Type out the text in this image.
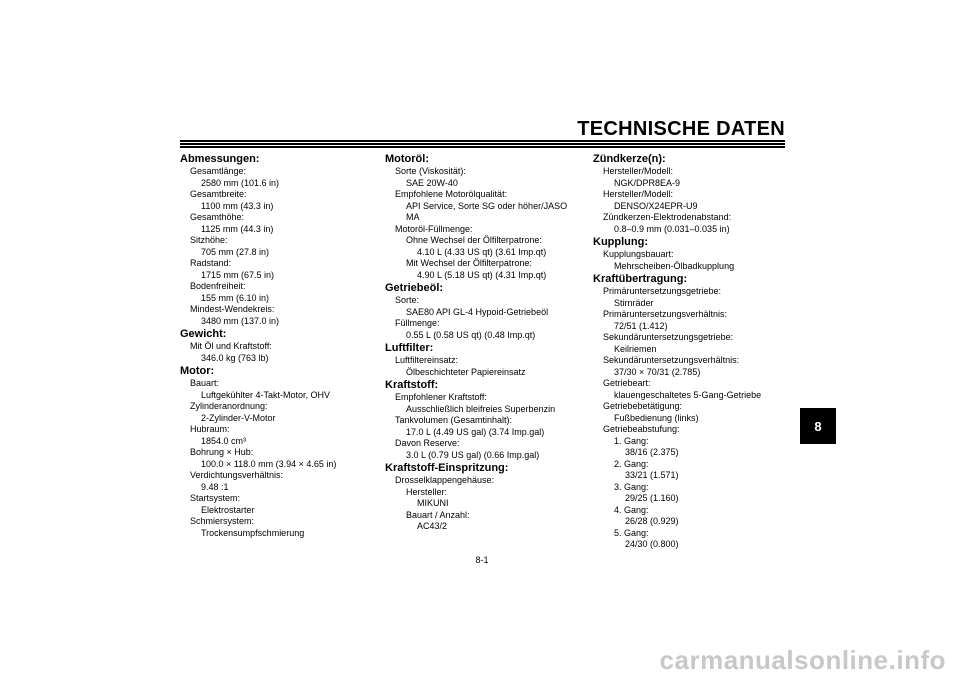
TECHNISCHE DATEN
Abmessungen:
Gesamtlänge:
2580 mm (101.6 in)
Gesamtbreite:
1100 mm (43.3 in)
Gesamthöhe:
1125 mm (44.3 in)
Sitzhöhe:
705 mm (27.8 in)
Radstand:
1715 mm (67.5 in)
Bodenfreiheit:
155 mm (6.10 in)
Mindest-Wendekreis:
3480 mm (137.0 in)
Gewicht:
Mit Öl und Kraftstoff:
346.0 kg (763 lb)
Motor:
Bauart:
Luftgekühlter 4-Takt-Motor, OHV
Zylinderanordnung:
2-Zylinder-V-Motor
Hubraum:
1854.0 cm³
Bohrung × Hub:
100.0 × 118.0 mm (3.94 × 4.65 in)
Verdichtungsverhältnis:
9.48 :1
Startsystem:
Elektrostarter
Schmiersystem:
Trockensumpfschmierung
Motoröl:
Sorte (Viskosität):
SAE 20W-40
Empfohlene Motorölqualität:
API Service, Sorte SG oder höher/JASO
MA
Motoröl-Füllmenge:
Ohne Wechsel der Ölfilterpatrone:
4.10 L (4.33 US qt) (3.61 Imp.qt)
Mit Wechsel der Ölfilterpatrone:
4.90 L (5.18 US qt) (4.31 Imp.qt)
Getriebeöl:
Sorte:
SAE80 API GL-4 Hypoid-Getriebeöl
Füllmenge:
0.55 L (0.58 US qt) (0.48 Imp.qt)
Luftfilter:
Luftfiltereinsatz:
Ölbeschichteter Papiereinsatz
Kraftstoff:
Empfohlener Kraftstoff:
Ausschließlich bleifreies Superbenzin
Tankvolumen (Gesamtinhalt):
17.0 L (4.49 US gal) (3.74 Imp.gal)
Davon Reserve:
3.0 L (0.79 US gal) (0.66 Imp.gal)
Kraftstoff-Einspritzung:
Drosselklappengehäuse:
Hersteller:
MIKUNI
Bauart / Anzahl:
AC43/2
Zündkerze(n):
Hersteller/Modell:
NGK/DPR8EA-9
Hersteller/Modell:
DENSO/X24EPR-U9
Zündkerzen-Elektrodenabstand:
0.8–0.9 mm (0.031–0.035 in)
Kupplung:
Kupplungsbauart:
Mehrscheiben-Ölbadkupplung
Kraftübertragung:
Primäruntersetzungsgetriebe:
Stirnräder
Primäruntersetzungsverhältnis:
72/51 (1.412)
Sekundäruntersetzungsgetriebe:
Keilriemen
Sekundäruntersetzungsverhältnis:
37/30 × 70/31 (2.785)
Getriebeart:
klauengeschaltetes 5-Gang-Getriebe
Getriebebetätigung:
Fußbedienung (links)
Getriebeabstufung:
1. Gang:
38/16 (2.375)
2. Gang:
33/21 (1.571)
3. Gang:
29/25 (1.160)
4. Gang:
26/28 (0.929)
5. Gang:
24/30 (0.800)
8
8-1
carmanualsonline.info
